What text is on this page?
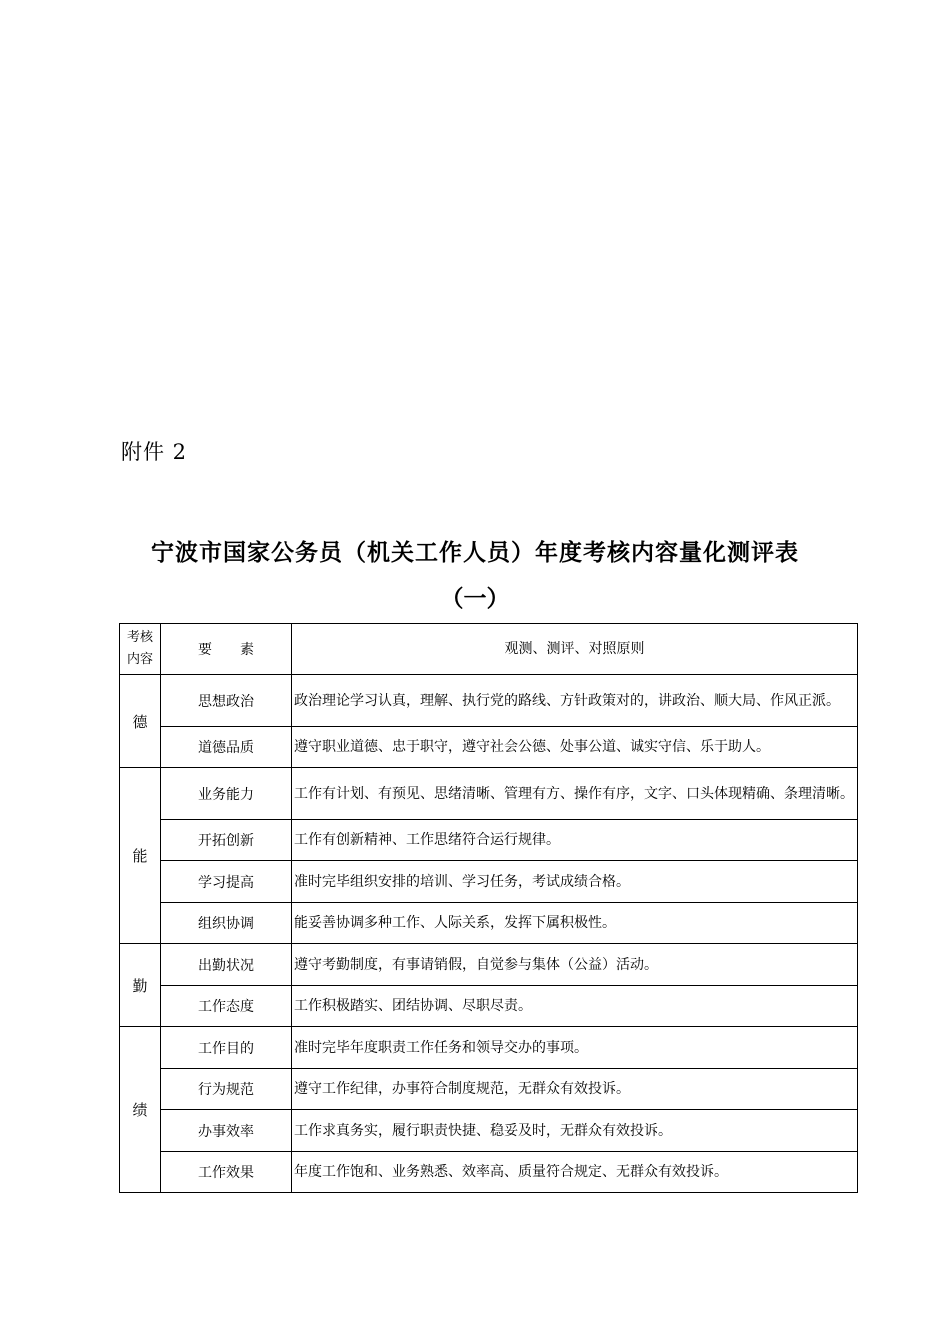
附件 2
宁波市国家公务员（机关工作人员）年度考核内容量化测评表
（一）
考核
内容	要　　素	观测、测评、对照原则
德	思想政治	政治理论学习认真，理解、执行党的路线、方针政策对的，讲政治、顺大局、作风正派。
	道德品质	遵守职业道德、忠于职守，遵守社会公德、处事公道、诚实守信、乐于助人。
能	业务能力	工作有计划、有预见、思绪清晰、管理有方、操作有序，文字、口头体现精确、条理清晰。
	开拓创新	工作有创新精神、工作思绪符合运行规律。
	学习提高	准时完毕组织安排的培训、学习任务，考试成绩合格。
	组织协调	能妥善协调多种工作、人际关系，发挥下属积极性。
勤	出勤状况	遵守考勤制度，有事请销假，自觉参与集体（公益）活动。
	工作态度	工作积极踏实、团结协调、尽职尽责。
绩	工作目的	准时完毕年度职责工作任务和领导交办的事项。
	行为规范	遵守工作纪律，办事符合制度规范，无群众有效投诉。
	办事效率	工作求真务实，履行职责快捷、稳妥及时，无群众有效投诉。
	工作效果	年度工作饱和、业务熟悉、效率高、质量符合规定、无群众有效投诉。
